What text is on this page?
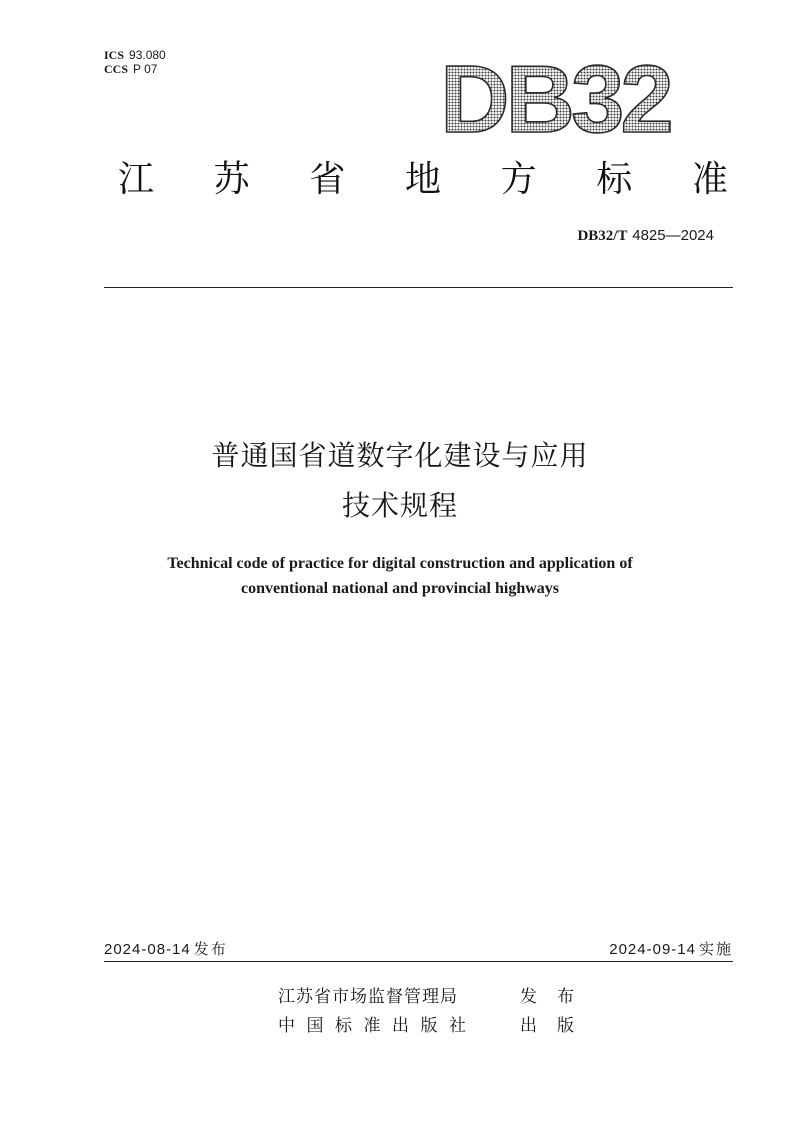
ICS 93.080
CCS P 07	DB32
江 苏 省 地 方 标 准
DB32/T 4825—2024
普通国省道数字化建设与应用
技术规程
Technical code of practice for digital construction and application of
conventional national and provincial highways
2024-08-14 发布	2024-09-14 实施
江苏省市场监督管理局	发布
中国标准出版社	出版
